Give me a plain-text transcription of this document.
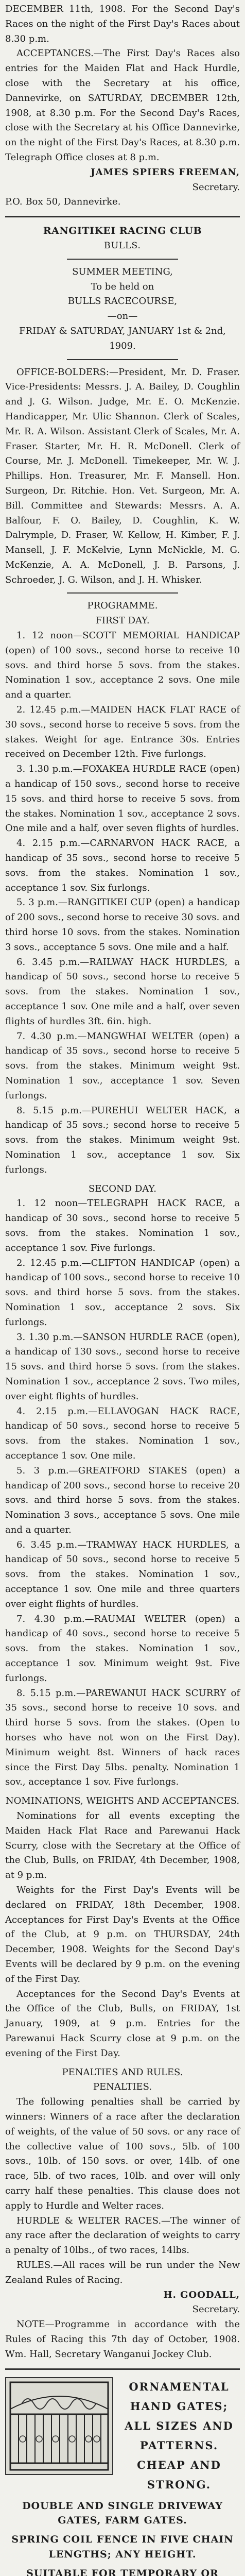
DECEMBER 11th, 1908. For the Second Day's Races on the night of the First Day's Races about 8.30 p.m.

ACCEPTANCES.—The First Day's Races also entries for the Maiden Flat and Hack Hurdle, close with the Secretary at his office, Dannevirke, on SATURDAY, DECEMBER 12th, 1908, at 8.30 p.m. For the Second Day's Races, close with the Secretary at his Office Dannevirke, on the night of the First Day's Races, at 8.30 p.m. Telegraph Office closes at 8 p.m.

JAMES SPIERS FREEMAN,

Secretary.

P.O. Box 50, Dannevirke.

RANGITIKEI RACING CLUB

BULLS.

SUMMER MEETING,

To be held on

BULLS RACECOURSE,

—on—

FRIDAY & SATURDAY, JANUARY 1st & 2nd, 1909.

OFFICE-BOLDERS:—President, Mr. D. Fraser. Vice-Presidents: Messrs. J. A. Bailey, D. Coughlin and J. G. Wilson. Judge, Mr. E. O. McKenzie. Handicapper, Mr. Ulic Shannon. Clerk of Scales, Mr. R. A. Wilson. Assistant Clerk of Scales, Mr. A. Fraser. Starter, Mr. H. R. McDonell. Clerk of Course, Mr. J. McDonell. Timekeeper, Mr. W. J. Phillips. Hon. Treasurer, Mr. F. Mansell. Hon. Surgeon, Dr. Ritchie. Hon. Vet. Surgeon, Mr. A. Bill. Committee and Stewards: Messrs. A. A. Balfour, F. O. Bailey, D. Coughlin, K. W. Dalrymple, D. Fraser, W. Kellow, H. Kimber, F. J. Mansell, J. F. McKelvie, Lynn McNickle, M. G. McKenzie, A. A. McDonell, J. B. Parsons, J. Schroeder, J. G. Wilson, and J. H. Whisker.

PROGRAMME.

FIRST DAY.

1. 12 noon—SCOTT MEMORIAL HANDICAP (open) of 100 sovs., second horse to receive 10 sovs. and third horse 5 sovs. from the stakes. Nomination 1 sov., acceptance 2 sovs. One mile and a quarter.

2. 12.45 p.m.—MAIDEN HACK FLAT RACE of 30 sovs., second horse to receive 5 sovs. from the stakes. Weight for age. Entrance 30s. Entries received on December 12th. Five furlongs.

3. 1.30 p.m.—FOXAKEA HURDLE RACE (open) a handicap of 150 sovs., second horse to receive 15 sovs. and third horse to receive 5 sovs. from the stakes. Nomination 1 sov., acceptance 2 sovs. One mile and a half, over seven flights of hurdles.

4. 2.15 p.m.—CARNARVON HACK RACE, a handicap of 35 sovs., second horse to receive 5 sovs. from the stakes. Nomination 1 sov., acceptance 1 sov. Six furlongs.

5. 3 p.m.—RANGITIKEI CUP (open) a handicap of 200 sovs., second horse to receive 30 sovs. and third horse 10 sovs. from the stakes. Nomination 3 sovs., acceptance 5 sovs. One mile and a half.

6. 3.45 p.m.—RAILWAY HACK HURDLES, a handicap of 50 sovs., second horse to receive 5 sovs. from the stakes. Nomination 1 sov., acceptance 1 sov. One mile and a half, over seven flights of hurdles 3ft. 6in. high.

7. 4.30 p.m.—MANGWHAI WELTER (open) a handicap of 35 sovs., second horse to receive 5 sovs. from the stakes. Minimum weight 9st. Nomination 1 sov., acceptance 1 sov. Seven furlongs.

8. 5.15 p.m.—PUREHUI WELTER HACK, a handicap of 35 sovs.; second horse to receive 5 sovs. from the stakes. Minimum weight 9st. Nomination 1 sov., acceptance 1 sov. Six furlongs.

SECOND DAY.

1. 12 noon—TELEGRAPH HACK RACE, a handicap of 30 sovs., second horse to receive 5 sovs. from the stakes. Nomination 1 sov., acceptance 1 sov. Five furlongs.

2. 12.45 p.m.—CLIFTON HANDICAP (open) a handicap of 100 sovs., second horse to receive 10 sovs. and third horse 5 sovs. from the stakes. Nomination 1 sov., acceptance 2 sovs. Six furlongs.

3. 1.30 p.m.—SANSON HURDLE RACE (open), a handicap of 130 sovs., second horse to receive 15 sovs. and third horse 5 sovs. from the stakes. Nomination 1 sov., acceptance 2 sovs. Two miles, over eight flights of hurdles.

4. 2.15 p.m.—ELLAVOGAN HACK RACE, handicap of 50 sovs., second horse to receive 5 sovs. from the stakes. Nomination 1 sov., acceptance 1 sov. One mile.

5. 3 p.m.—GREATFORD STAKES (open) a handicap of 200 sovs., second horse to receive 20 sovs. and third horse 5 sovs. from the stakes. Nomination 3 sovs., acceptance 5 sovs. One mile and a quarter.

6. 3.45 p.m.—TRAMWAY HACK HURDLES, a handicap of 50 sovs., second horse to receive 5 sovs. from the stakes. Nomination 1 sov., acceptance 1 sov. One mile and three quarters over eight flights of hurdles.

7. 4.30 p.m.—RAUMAI WELTER (open) a handicap of 40 sovs., second horse to receive 5 sovs. from the stakes. Nomination 1 sov., acceptance 1 sov. Minimum weight 9st. Five furlongs.

8. 5.15 p.m.—PAREWANUI HACK SCURRY of 35 sovs., second horse to receive 10 sovs. and third horse 5 sovs. from the stakes. (Open to horses who have not won on the First Day). Minimum weight 8st. Winners of hack races since the First Day 5lbs. penalty. Nomination 1 sov., acceptance 1 sov. Five furlongs.

NOMINATIONS, WEIGHTS AND ACCEPTANCES.

Nominations for all events excepting the Maiden Hack Flat Race and Parewanui Hack Scurry, close with the Secretary at the Office of the Club, Bulls, on FRIDAY, 4th December, 1908, at 9 p.m.

Weights for the First Day's Events will be declared on FRIDAY, 18th December, 1908. Acceptances for First Day's Events at the Office of the Club, at 9 p.m. on THURSDAY, 24th December, 1908. Weights for the Second Day's Events will be declared by 9 p.m. on the evening of the First Day.

Acceptances for the Second Day's Events at the Office of the Club, Bulls, on FRIDAY, 1st January, 1909, at 9 p.m. Entries for the Parewanui Hack Scurry close at 9 p.m. on the evening of the First Day.

PENALTIES AND RULES.

PENALTIES.

The following penalties shall be carried by winners: Winners of a race after the declaration of weights, of the value of 50 sovs. or any race of the collective value of 100 sovs., 5lb. of 100 sovs., 10lb. of 150 sovs. or over, 14lb. of one race, 5lb. of two races, 10lb. and over will only carry half these penalties. This clause does not apply to Hurdle and Welter races.

HURDLE & WELTER RACES.—The winner of any race after the declaration of weights to carry a penalty of 10lbs., of two races, 14lbs.

RULES.—All races will be run under the New Zealand Rules of Racing.

H. GOODALL,

Secretary.

NOTE—Programme in accordance with the Rules of Racing this 7th day of October, 1908. Wm. Hall, Secretary Wanganui Jockey Club.

ORNAMENTAL

HAND GATES;

ALL SIZES AND

PATTERNS.

CHEAP AND

STRONG.

DOUBLE AND SINGLE DRIVEWAY GATES, FARM GATES.

SPRING COIL FENCE IN FIVE CHAIN LENGTHS; ANY HEIGHT.

SUITABLE FOR TEMPORARY OR
